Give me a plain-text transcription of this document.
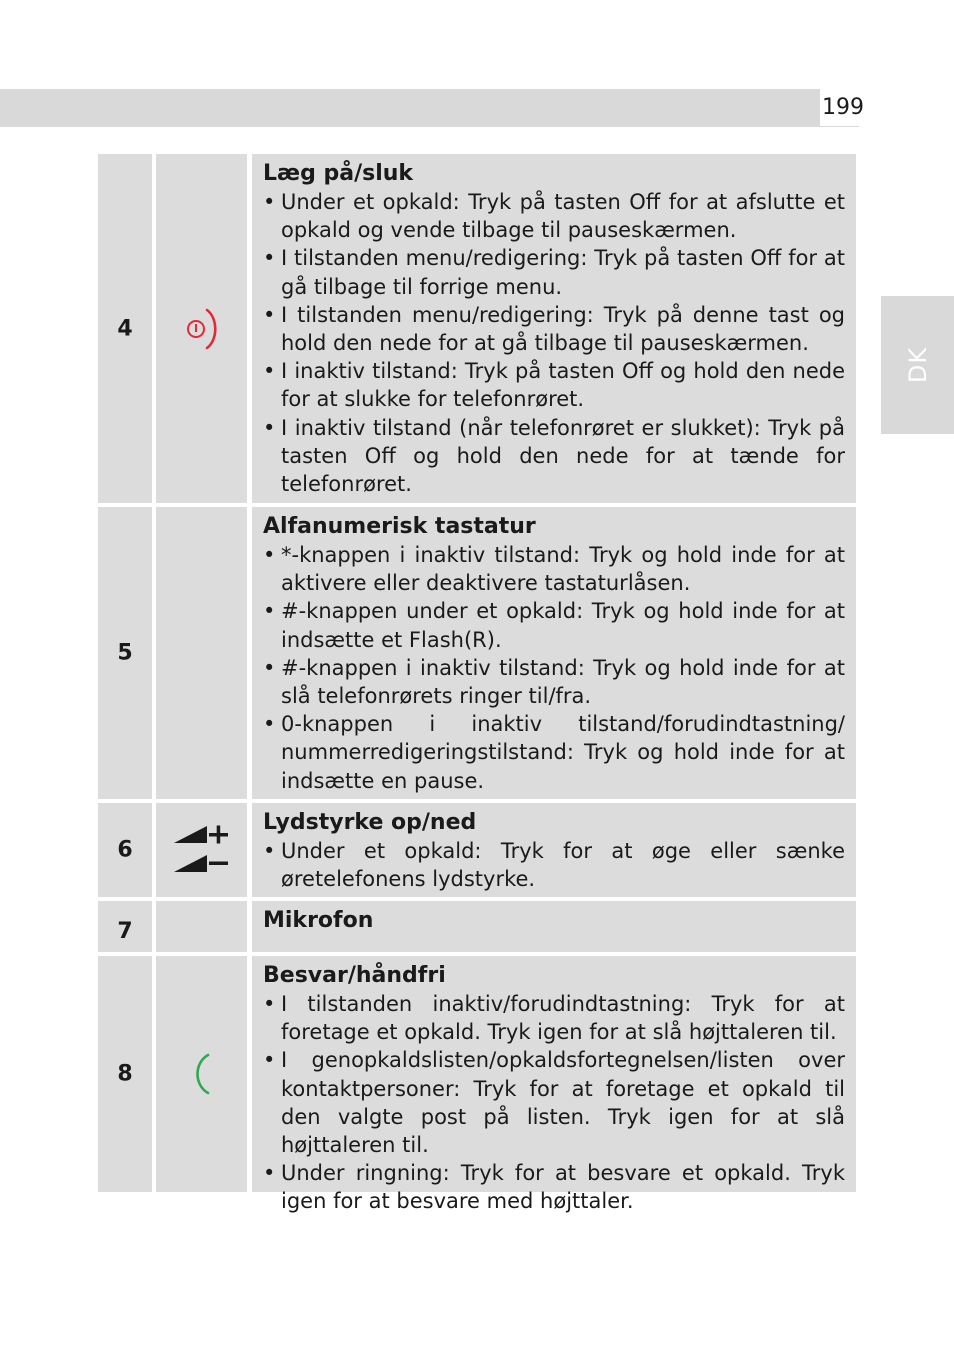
199
DK
4

Læg på/sluk

• Under et opkald: Tryk på tasten Off for at afslutte et opkald og vende tilbage til pauseskærmen.
• I tilstanden menu/redigering: Tryk på tasten Off for at gå tilbage til forrige menu.
• I tilstanden menu/redigering: Tryk på denne tast og hold den nede for at gå tilbage til pauseskærmen.
• I inaktiv tilstand: Tryk på tasten Off og hold den nede for at slukke for telefonrøret.
• I inaktiv tilstand (når telefonrøret er slukket): Tryk på tasten Off og hold den nede for at tænde for telefonrøret.
5

Alfanumerisk tastatur

• *-knappen i inaktiv tilstand: Tryk og hold inde for at aktivere eller deaktivere tastaturlåsen.
• #-knappen under et opkald: Tryk og hold inde for at indsætte et Flash(R).
• #-knappen i inaktiv tilstand: Tryk og hold inde for at slå telefonrørets ringer til/fra.
• 0-knappen i inaktiv tilstand/forudindtastning/ nummerredigeringstilstand: Tryk og hold inde for at indsætte en pause.
6

Lydstyrke op/ned

• Under et opkald: Tryk for at øge eller sænke øretelefonens lydstyrke.
7	Mikrofon

8

Besvar/håndfri

• I tilstanden inaktiv/forudindtastning: Tryk for at foretage et opkald. Tryk igen for at slå højttaleren til.
• I genopkaldslisten/opkaldsfortegnelsen/listen over kontaktpersoner: Tryk for at foretage et opkald til den valgte post på listen. Tryk igen for at slå højttaleren til.
• Under ringning: Tryk for at besvare et opkald. Tryk igen for at besvare med højttaler.
